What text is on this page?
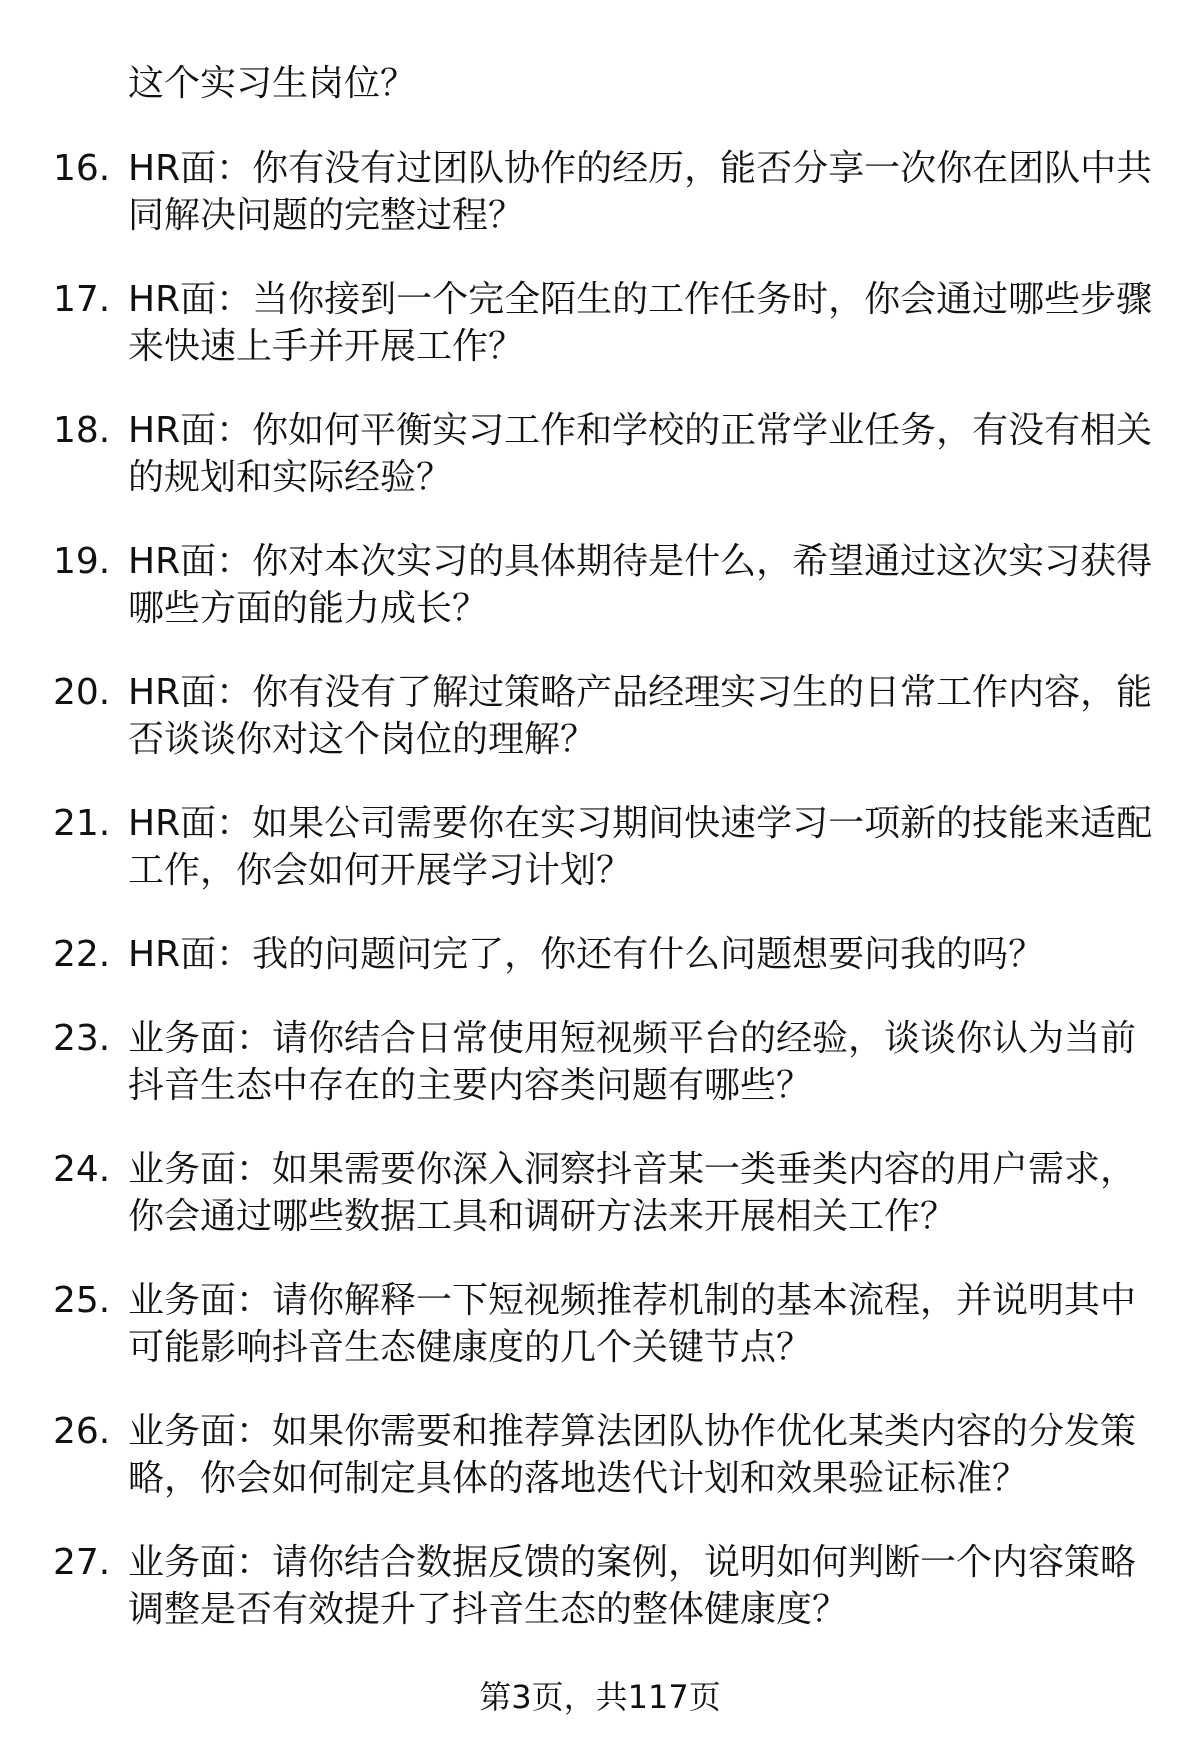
这个实习生岗位？
16. HR面：你有没有过团队协作的经历，能否分享一次你在团队中共
同解决问题的完整过程？
17. HR面：当你接到一个完全陌生的工作任务时，你会通过哪些步骤
来快速上手并开展工作？
18. HR面：你如何平衡实习工作和学校的正常学业任务，有没有相关
的规划和实际经验？
19. HR面：你对本次实习的具体期待是什么，希望通过这次实习获得
哪些方面的能力成长？
20. HR面：你有没有了解过策略产品经理实习生的日常工作内容，能
否谈谈你对这个岗位的理解？
21. HR面：如果公司需要你在实习期间快速学习一项新的技能来适配
工作，你会如何开展学习计划？
22. HR面：我的问题问完了，你还有什么问题想要问我的吗？
23. 业务面：请你结合日常使用短视频平台的经验，谈谈你认为当前
抖音生态中存在的主要内容类问题有哪些？
24. 业务面：如果需要你深入洞察抖音某一类垂类内容的用户需求，
你会通过哪些数据工具和调研方法来开展相关工作？
25. 业务面：请你解释一下短视频推荐机制的基本流程，并说明其中
可能影响抖音生态健康度的几个关键节点？
26. 业务面：如果你需要和推荐算法团队协作优化某类内容的分发策
略，你会如何制定具体的落地迭代计划和效果验证标准？
27. 业务面：请你结合数据反馈的案例，说明如何判断一个内容策略
调整是否有效提升了抖音生态的整体健康度？
第3页，共117页
